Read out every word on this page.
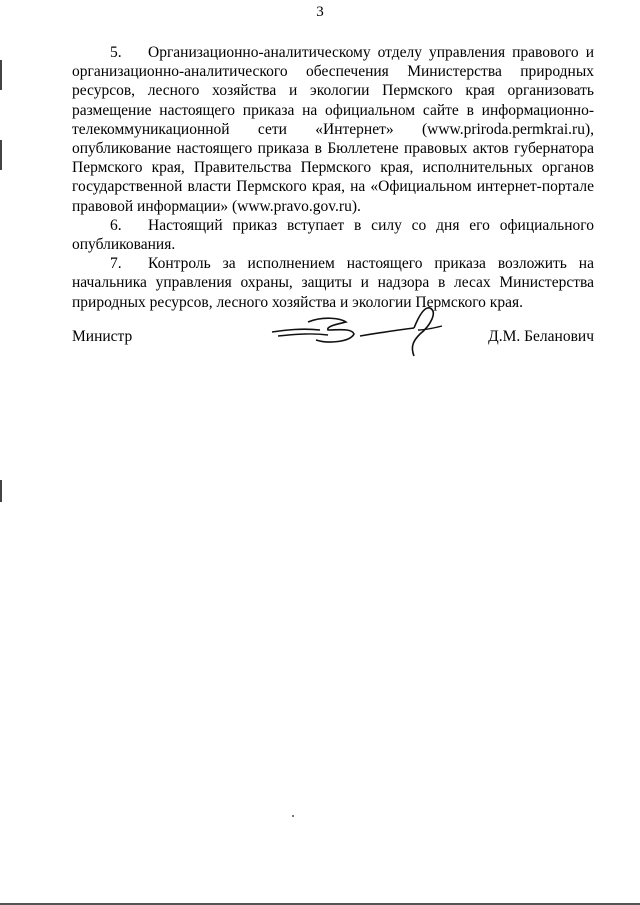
3

5. Организационно-аналитическому отделу управления правового и организационно-аналитического обеспечения Министерства природных ресурсов, лесного хозяйства и экологии Пермского края организовать размещение настоящего приказа на официальном сайте в информационно-телекоммуникационной сети «Интернет» (www.priroda.permkrai.ru), опубликование настоящего приказа в Бюллетене правовых актов губернатора Пермского края, Правительства Пермского края, исполнительных органов государственной власти Пермского края, на «Официальном интернет-портале правовой информации» (www.pravo.gov.ru).

6. Настоящий приказ вступает в силу со дня его официального опубликования.

7. Контроль за исполнением настоящего приказа возложить на начальника управления охраны, защиты и надзора в лесах Министерства природных ресурсов, лесного хозяйства и экологии Пермского края.

Министр	Д.М. Беланович
